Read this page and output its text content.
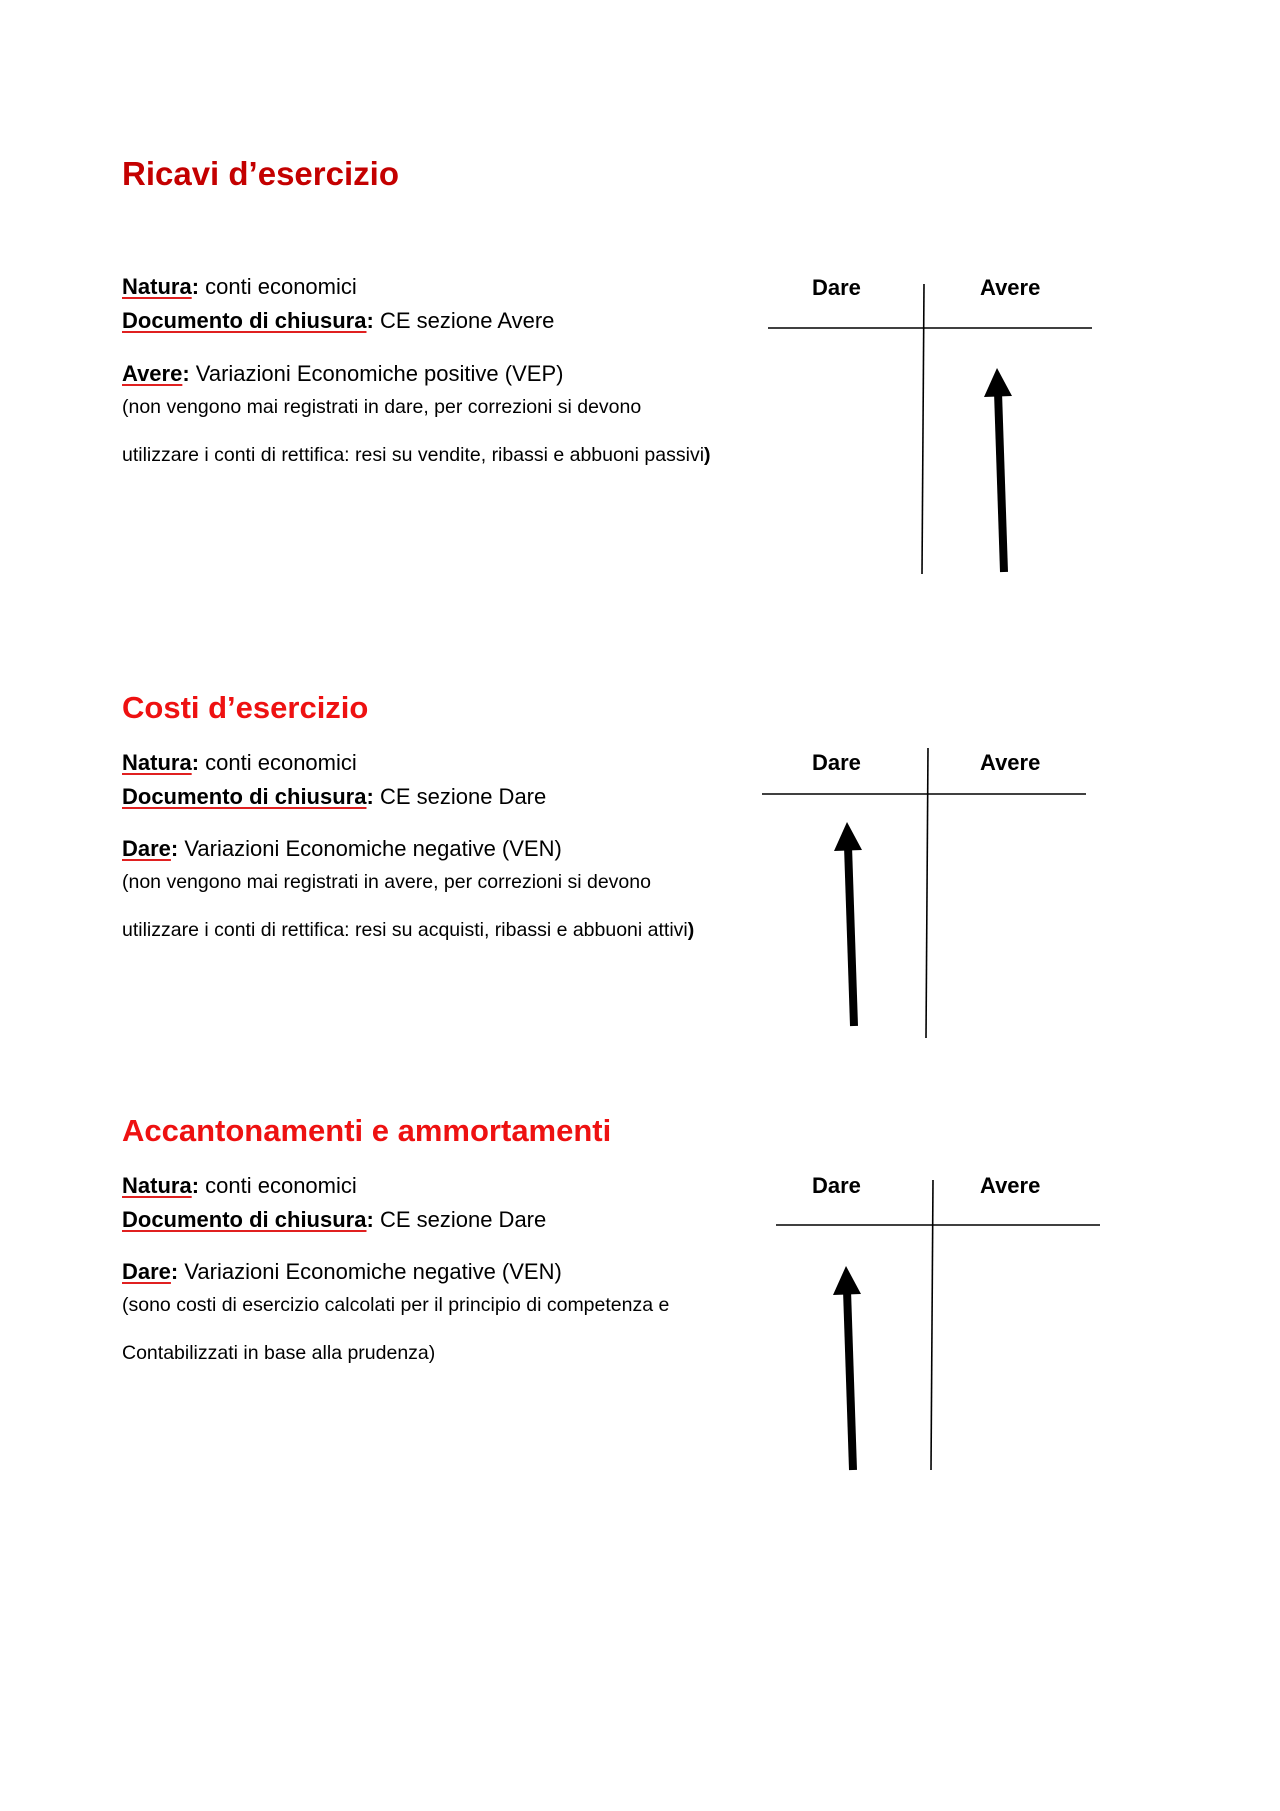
Ricavi d’esercizio
Natura: conti economici
Documento di chiusura: CE sezione Avere
Avere: Variazioni Economiche positive (VEP)
(non vengono mai registrati in dare, per correzioni si devono
utilizzare i conti di rettifica: resi su vendite, ribassi e abbuoni passivi)
Dare	Avere
Costi d’esercizio
Natura: conti economici
Documento di chiusura: CE sezione Dare
Dare: Variazioni Economiche negative (VEN)
(non vengono mai registrati in avere, per correzioni si devono
utilizzare i conti di rettifica: resi su acquisti, ribassi e abbuoni attivi)
Dare	Avere
Accantonamenti e ammortamenti
Natura: conti economici
Documento di chiusura: CE sezione Dare
Dare: Variazioni Economiche negative (VEN)
(sono costi di esercizio calcolati per il principio di competenza e
Contabilizzati in base alla prudenza)
Dare	Avere
